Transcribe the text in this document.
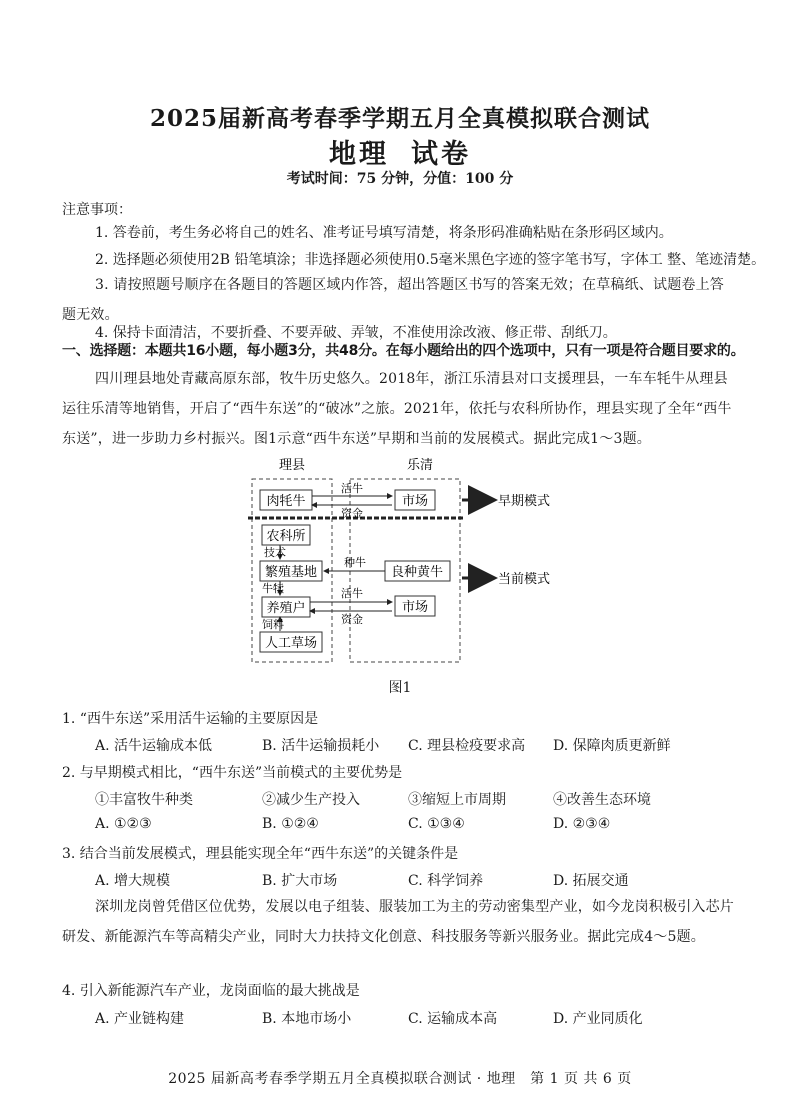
2025届新高考春季学期五月全真模拟联合测试
地理 试卷
考试时间：75 分钟，分值：100 分
注意事项：
1. 答卷前，考生务必将自己的姓名、准考证号填写清楚，将条形码准确粘贴在条形码区域内。
2. 选择题必须使用2B 铅笔填涂；非选择题必须使用0.5毫米黑色字迹的签字笔书写，字体工 整、笔迹清楚。
3. 请按照题号顺序在各题目的答题区域内作答，超出答题区书写的答案无效；在草稿纸、试题卷上答题无效。
4. 保持卡面清洁，不要折叠、不要弄破、弄皱，不准使用涂改液、修正带、刮纸刀。
一、选择题：本题共16小题，每小题3分，共48分。在每小题给出的四个选项中，只有一项是符合题目要求的。
四川理县地处青藏高原东部，牧牛历史悠久。2018年，浙江乐清县对口支援理县，一车车牦牛从理县运往乐清等地销售，开启了“西牛东送”的“破冰”之旅。2021年，依托与农科所协作，理县实现了全年“西牛东送”，进一步助力乡村振兴。图1示意“西牛东送”早期和当前的发展模式。据此完成1～3题。
理县	乐清
肉牦牛
活牛
资金
市场	早期模式
农科所
技术
繁殖基地
牛犊
养殖户
饲料
人工草场
良种黄牛
种牛
活牛
资金
市场
当前模式
图1
1. “西牛东送”采用活牛运输的主要原因是
A. 活牛运输成本低	B. 活牛运输损耗小 C. 理县检疫要求高 D. 保障肉质更新鲜
2. 与早期模式相比，“西牛东送”当前模式的主要优势是
①丰富牧牛种类	②减少生产投入	③缩短上市周期	④改善生态环境
A. ①②③	B. ①②④	C. ①③④	D. ②③④
3. 结合当前发展模式，理县能实现全年“西牛东送”的关键条件是
A. 增大规模	B. 扩大市场	C. 科学饲养	D. 拓展交通
深圳龙岗曾凭借区位优势，发展以电子组装、服装加工为主的劳动密集型产业，如今龙岗积极引入芯片研发、新能源汽车等高精尖产业，同时大力扶持文化创意、科技服务等新兴服务业。据此完成4～5题。
4. 引入新能源汽车产业，龙岗面临的最大挑战是
A. 产业链构建	B. 本地市场小	C. 运输成本高	D. 产业同质化
2025 届新高考春季学期五月全真模拟联合测试 · 地理　第 1 页 共 6 页
